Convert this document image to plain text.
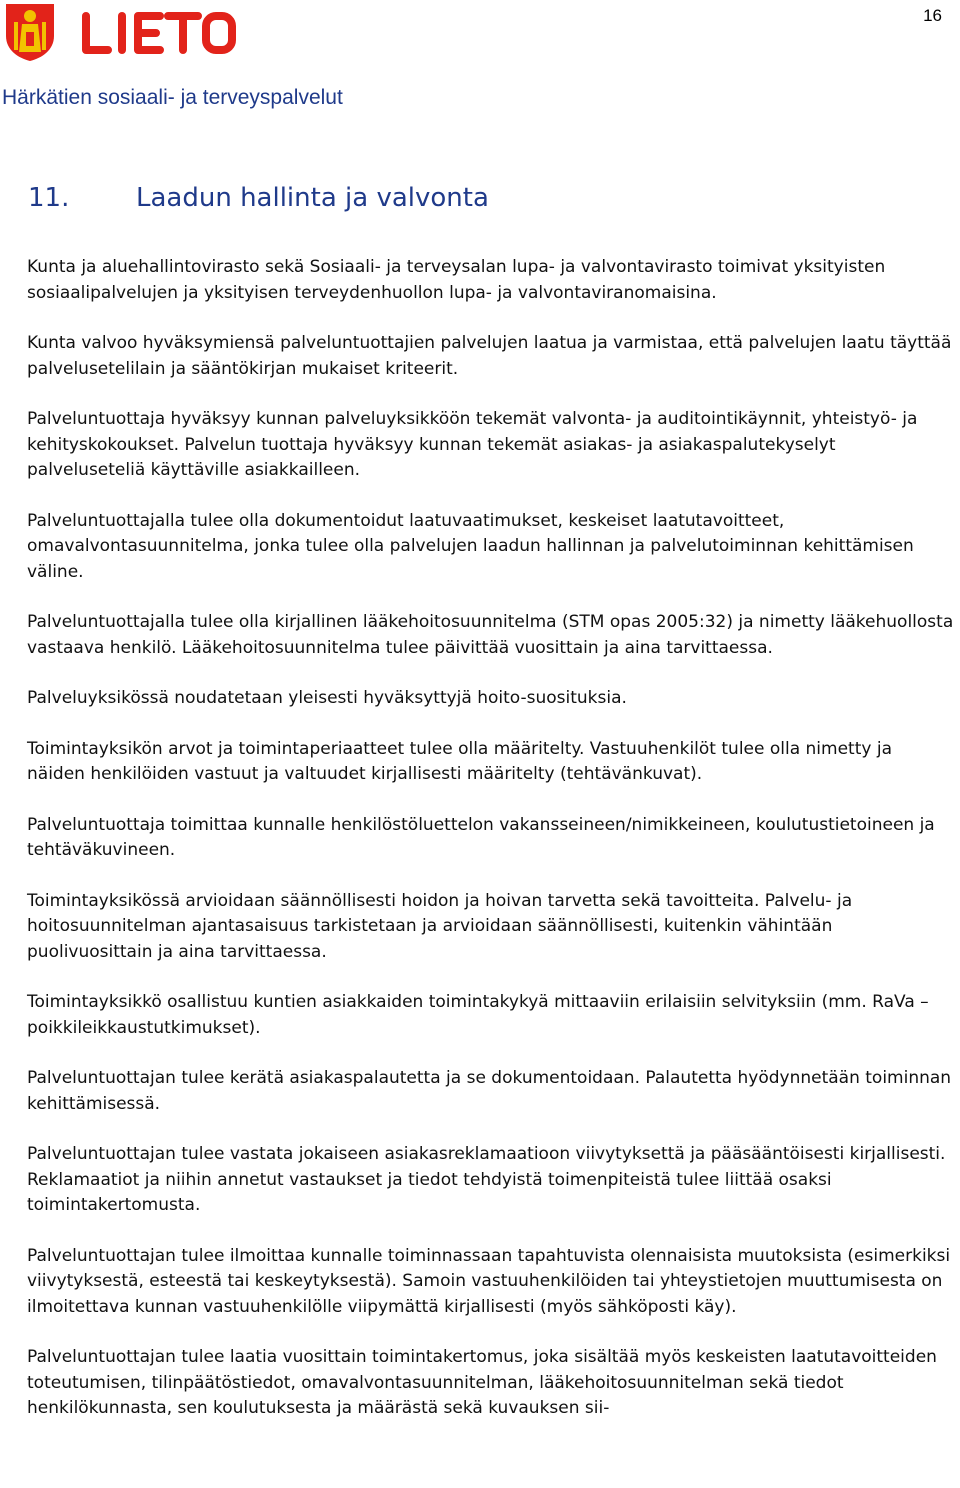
16
Härkätien sosiaali- ja terveyspalvelut
11.	Laadun hallinta ja valvonta

Kunta ja aluehallintovirasto sekä Sosiaali- ja terveysalan lupa- ja valvontavirasto toimivat yksityisten sosiaalipalvelujen ja yksityisen terveydenhuollon lupa- ja valvontaviranomaisina.

Kunta valvoo hyväksymiensä palveluntuottajien palvelujen laatua ja varmistaa, että palvelujen laatu täyttää palvelusetelilain ja sääntökirjan mukaiset kriteerit.

Palveluntuottaja hyväksyy kunnan palveluyksikköön tekemät valvonta- ja auditointikäynnit, yhteistyö- ja kehityskokoukset. Palvelun tuottaja hyväksyy kunnan tekemät asiakas- ja asiakaspalutekyselyt palveluseteliä käyttäville asiakkailleen.

Palveluntuottajalla tulee olla dokumentoidut laatuvaatimukset, keskeiset laatutavoitteet, omavalvontasuunnitelma, jonka tulee olla palvelujen laadun hallinnan ja palvelutoiminnan kehittämisen väline.

Palveluntuottajalla tulee olla kirjallinen lääkehoitosuunnitelma (STM opas 2005:32) ja nimetty lääkehuollosta vastaava henkilö. Lääkehoitosuunnitelma tulee päivittää vuosittain ja aina tarvittaessa.

Palveluyksikössä noudatetaan yleisesti hyväksyttyjä hoito-suosituksia.

Toimintayksikön arvot ja toimintaperiaatteet tulee olla määritelty. Vastuuhenkilöt tulee olla nimetty ja näiden henkilöiden vastuut ja valtuudet kirjallisesti määritelty (tehtävänkuvat).

Palveluntuottaja toimittaa kunnalle henkilöstöluettelon vakansseineen/nimikkeineen, koulutustietoineen ja tehtäväkuvineen.

Toimintayksikössä arvioidaan säännöllisesti hoidon ja hoivan tarvetta sekä tavoitteita. Palvelu- ja hoitosuunnitelman ajantasaisuus tarkistetaan ja arvioidaan säännöllisesti, kuitenkin vähintään puolivuosittain ja aina tarvittaessa.

Toimintayksikkö osallistuu kuntien asiakkaiden toimintakykyä mittaaviin erilaisiin selvityksiin (mm. RaVa – poikkileikkaustutkimukset).

Palveluntuottajan tulee kerätä asiakaspalautetta ja se dokumentoidaan. Palautetta hyödynnetään toiminnan kehittämisessä.

Palveluntuottajan tulee vastata jokaiseen asiakasreklamaatioon viivytyksettä ja pääsääntöisesti kirjallisesti. Reklamaatiot ja niihin annetut vastaukset ja tiedot tehdyistä toimenpiteistä tulee liittää osaksi toimintakertomusta.

Palveluntuottajan tulee ilmoittaa kunnalle toiminnassaan tapahtuvista olennaisista muutoksista (esimerkiksi viivytyksestä, esteestä tai keskeytyksestä). Samoin vastuuhenkilöiden tai yhteystietojen muuttumisesta on ilmoitettava kunnan vastuuhenkilölle viipymättä kirjallisesti (myös sähköposti käy).

Palveluntuottajan tulee laatia vuosittain toimintakertomus, joka sisältää myös keskeisten laatutavoitteiden toteutumisen, tilinpäätöstiedot, omavalvontasuunnitelman, lääkehoitosuunnitelman sekä tiedot henkilökunnasta, sen koulutuksesta ja määrästä sekä kuvauksen sii-
